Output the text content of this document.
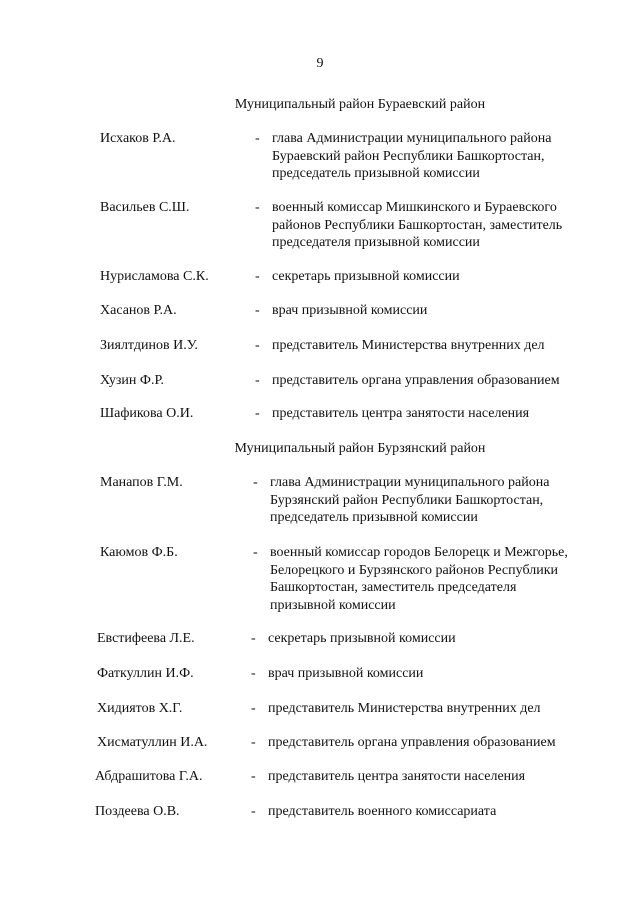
9
Муниципальный район Бураевский район
Исхаков Р.А.	- глава Администрации муниципального района
Бураевский район Республики Башкортостан,
председатель призывной комиссии
Васильев С.Ш.	- военный комиссар Мишкинского и Бураевского
районов Республики Башкортостан, заместитель
председателя призывной комиссии
Нурисламова С.К.	- секретарь призывной комиссии
Хасанов Р.А.	- врач призывной комиссии
Зиялтдинов И.У.	- представитель Министерства внутренних дел
Хузин Ф.Р.	- представитель органа управления образованием
Шафикова О.И.	- представитель центра занятости населения
Муниципальный район Бурзянский район
Манапов Г.М.	- глава Администрации муниципального района
Бурзянский район Республики Башкортостан,
председатель призывной комиссии
Каюмов Ф.Б.	- военный комиссар городов Белорецк и Межгорье,
Белорецкого и Бурзянского районов Республики
Башкортостан, заместитель председателя
призывной комиссии
Евстифеева Л.Е.	- секретарь призывной комиссии
Фаткуллин И.Ф.	- врач призывной комиссии
Хидиятов Х.Г.	- представитель Министерства внутренних дел
Хисматуллин И.А.	- представитель органа управления образованием
Абдрашитова Г.А.	- представитель центра занятости населения
Поздеева О.В.	- представитель военного комиссариата
